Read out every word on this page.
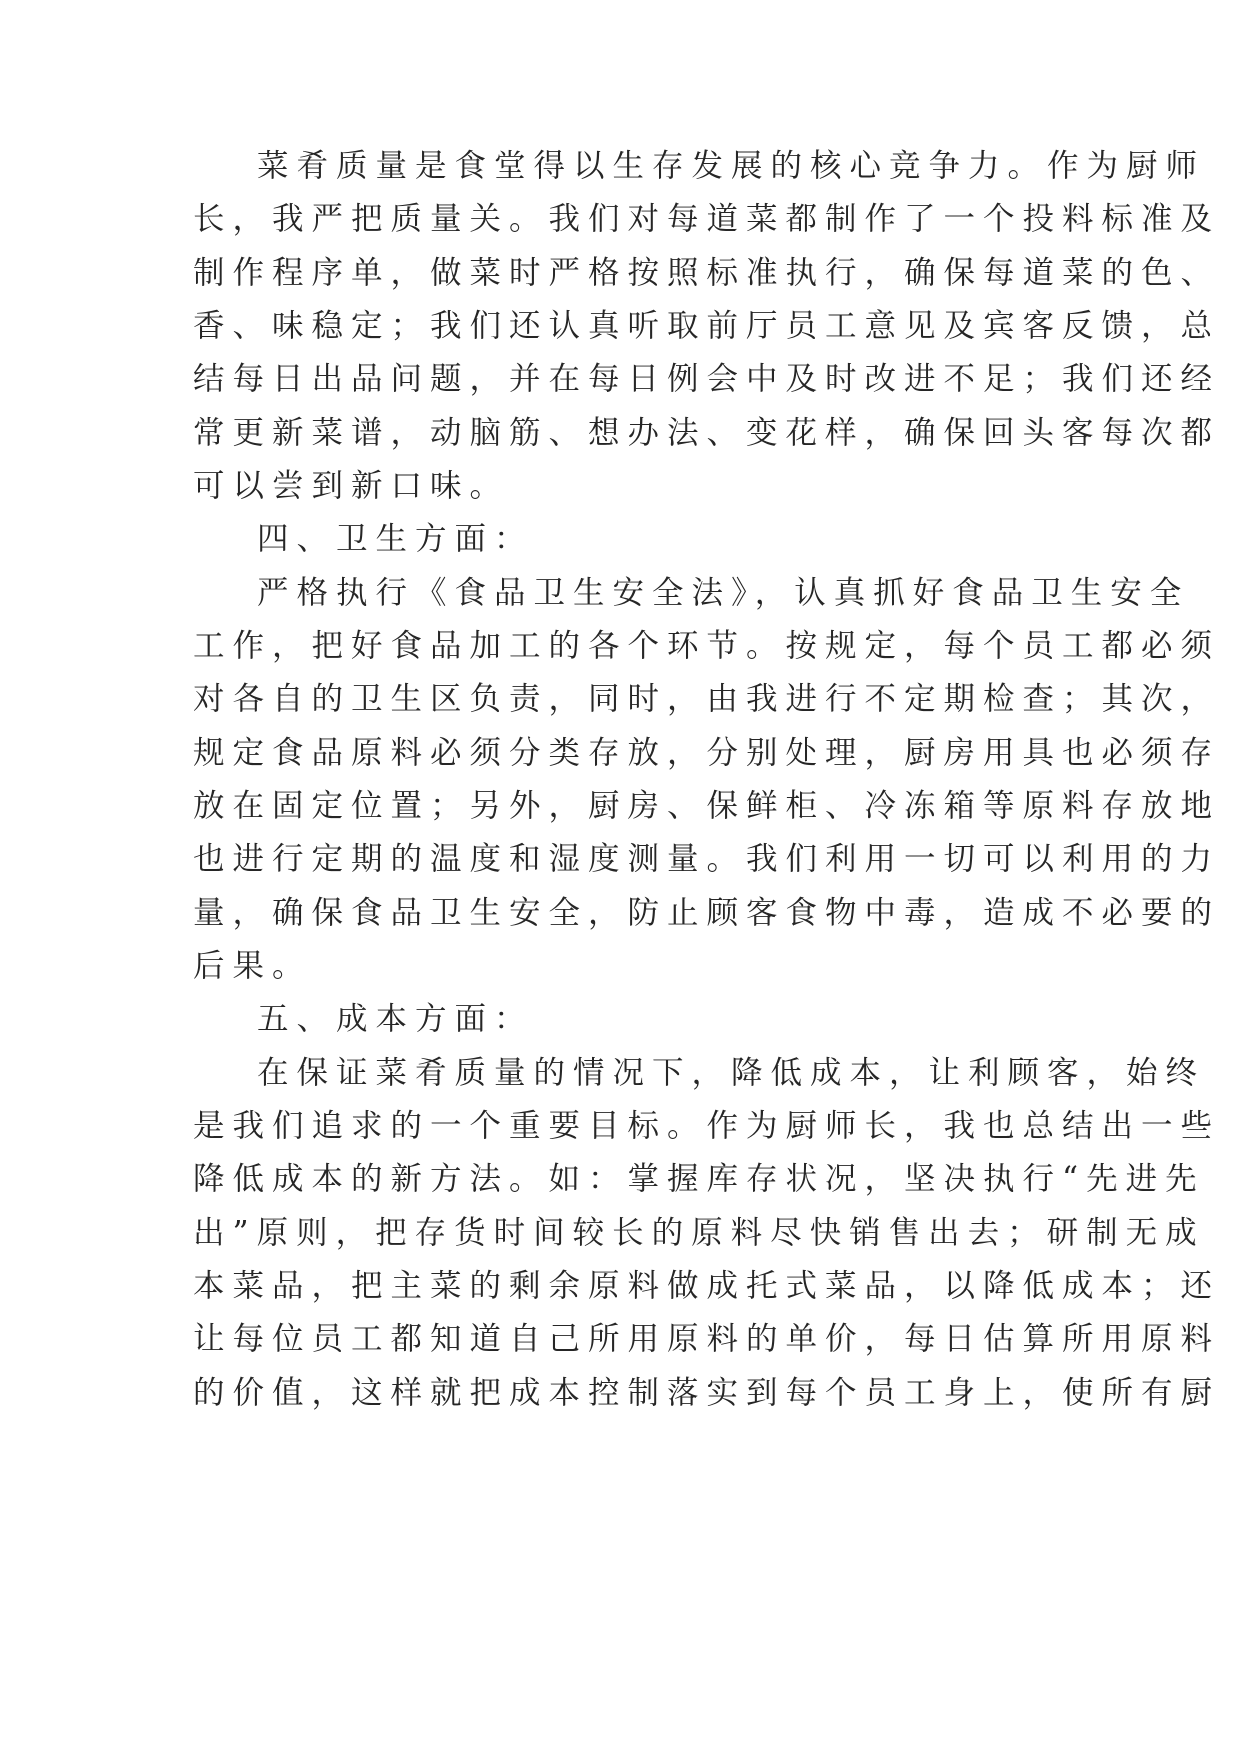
菜肴质量是食堂得以生存发展的核心竞争力。作为厨师
长，我严把质量关。我们对每道菜都制作了一个投料标准及
制作程序单，做菜时严格按照标准执行，确保每道菜的色、
香、味稳定；我们还认真听取前厅员工意见及宾客反馈，总
结每日出品问题，并在每日例会中及时改进不足；我们还经
常更新菜谱，动脑筋、想办法、变花样，确保回头客每次都
可以尝到新口味。
四、卫生方面：
严格执行《食品卫生安全法》，认真抓好食品卫生安全
工作，把好食品加工的各个环节。按规定，每个员工都必须
对各自的卫生区负责，同时，由我进行不定期检查；其次，
规定食品原料必须分类存放，分别处理，厨房用具也必须存
放在固定位置；另外，厨房、保鲜柜、冷冻箱等原料存放地
也进行定期的温度和湿度测量。我们利用一切可以利用的力
量，确保食品卫生安全，防止顾客食物中毒，造成不必要的
后果。
五、成本方面：
在保证菜肴质量的情况下，降低成本，让利顾客，始终
是我们追求的一个重要目标。作为厨师长，我也总结出一些
降低成本的新方法。如：掌握库存状况，坚决执行“先进先
出”原则，把存货时间较长的原料尽快销售出去；研制无成
本菜品，把主菜的剩余原料做成托式菜品，以降低成本；还
让每位员工都知道自己所用原料的单价，每日估算所用原料
的价值，这样就把成本控制落实到每个员工身上，使所有厨
